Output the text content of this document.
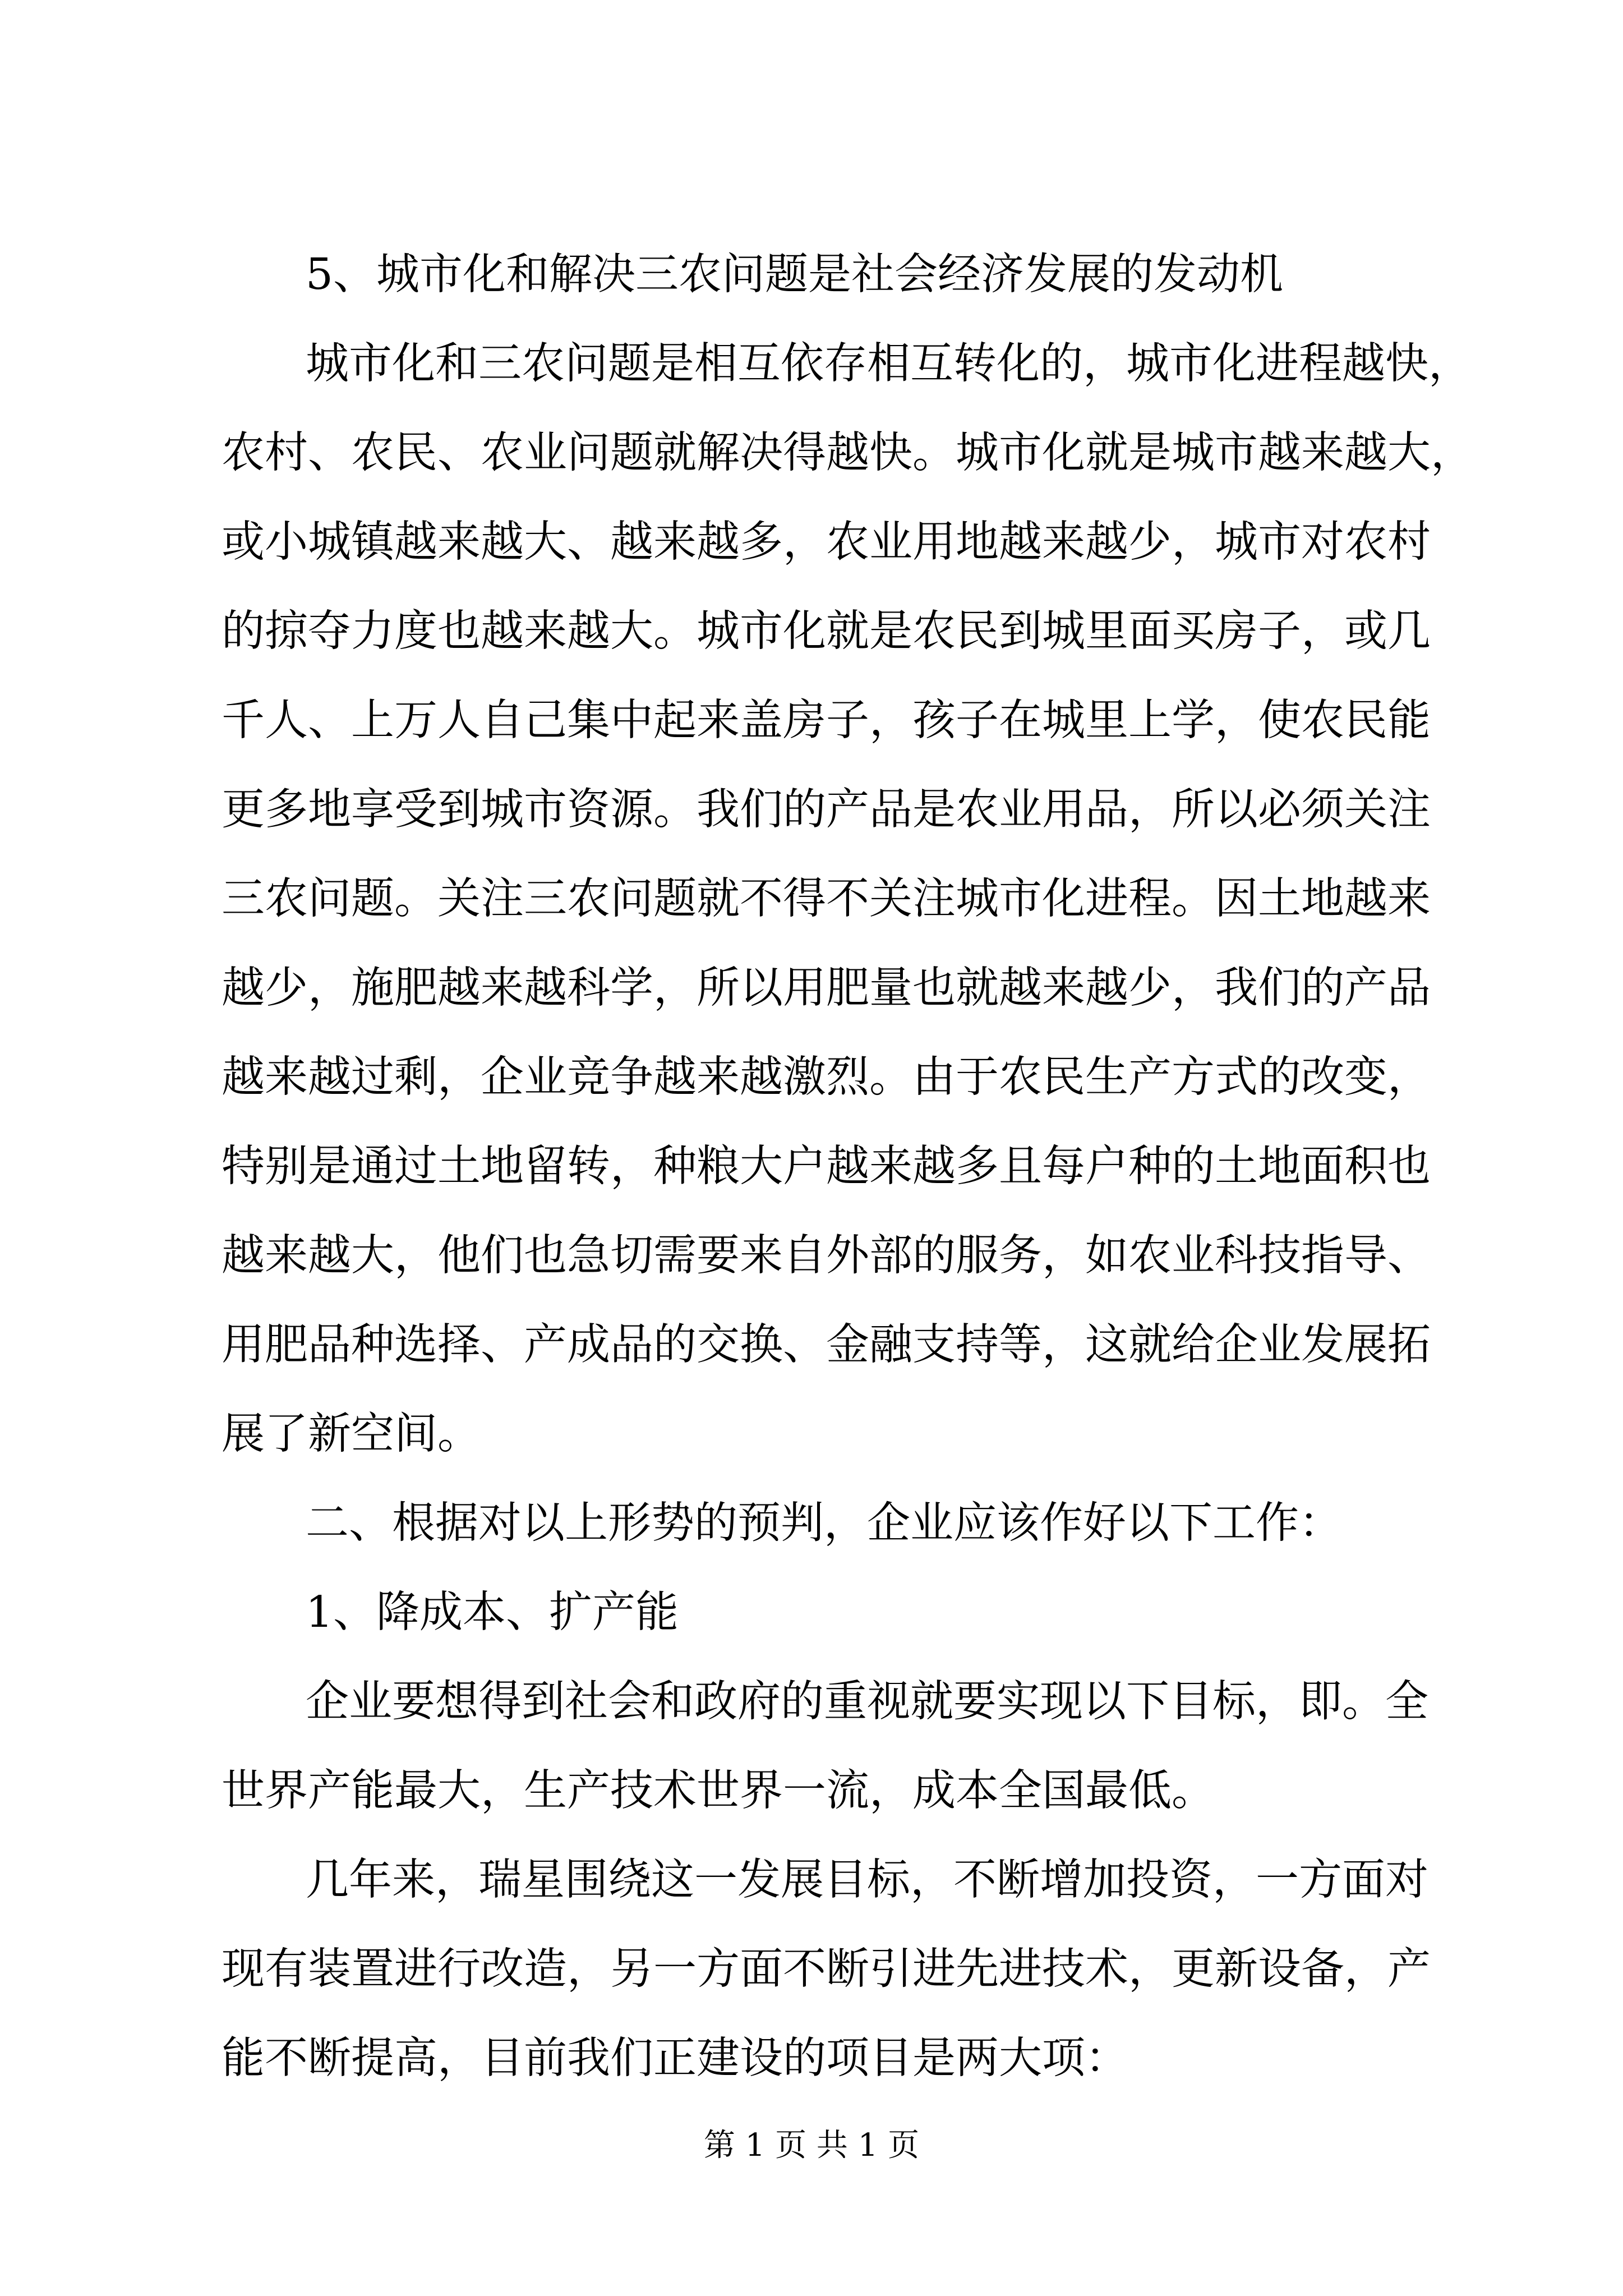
5、城市化和解决三农问题是社会经济发展的发动机
城市化和三农问题是相互依存相互转化的，城市化进程越快，
农村、农民、农业问题就解决得越快。城市化就是城市越来越大，
或小城镇越来越大、越来越多，农业用地越来越少，城市对农村
的掠夺力度也越来越大。城市化就是农民到城里面买房子，或几
千人、上万人自己集中起来盖房子，孩子在城里上学，使农民能
更多地享受到城市资源。我们的产品是农业用品，所以必须关注
三农问题。关注三农问题就不得不关注城市化进程。因土地越来
越少，施肥越来越科学，所以用肥量也就越来越少，我们的产品
越来越过剩，企业竞争越来越激烈。由于农民生产方式的改变，
特别是通过土地留转，种粮大户越来越多且每户种的土地面积也
越来越大，他们也急切需要来自外部的服务，如农业科技指导、
用肥品种选择、产成品的交换、金融支持等，这就给企业发展拓
展了新空间。
二、根据对以上形势的预判，企业应该作好以下工作：
1、降成本、扩产能
企业要想得到社会和政府的重视就要实现以下目标，即。全
世界产能最大，生产技术世界一流，成本全国最低。
几年来，瑞星围绕这一发展目标，不断增加投资，一方面对
现有装置进行改造，另一方面不断引进先进技术，更新设备，产
能不断提高，目前我们正建设的项目是两大项：
第 1 页 共 1 页
